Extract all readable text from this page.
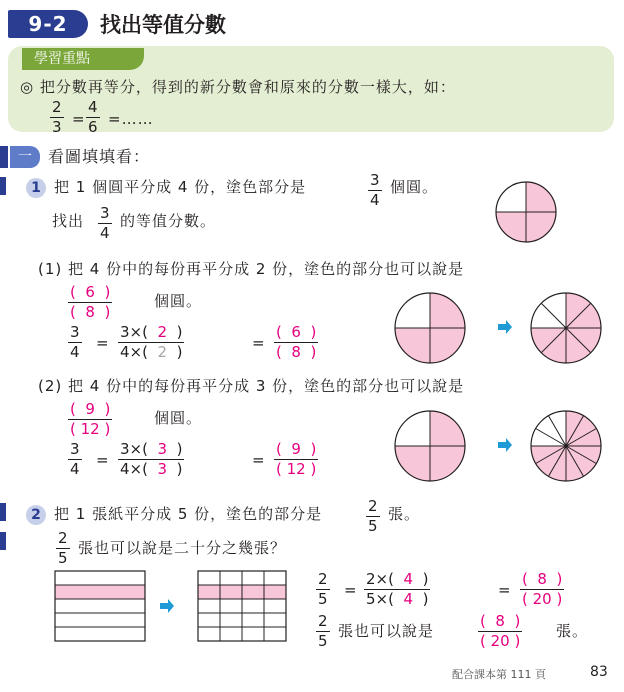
9-2	找出等值分數
學習重點
◎ 把分數再等分，得到的新分數會和原來的分數一樣大，如：
2
3 =
4
6 =……
一	看圖填填看：
1 把 1 個圓平分成 4 份，塗色部分是	3
4
個圓。
找出 3
4
的等值分數。
(1) 把 4 份中的每份再平分成 2 份，塗色的部分也可以說是
(  6  )
(  8  )
個圓。
3
4
=
3×(  2  )
4×(  2  )
=
(  6  )
(  8  )
(2) 把 4 份中的每份再平分成 3 份，塗色的部分也可以說是
(  9  )
( 12 )
個圓。
3
4
=
3×(  3  )
4×(  3  )
=
(  9  )
( 12 )
2 把 1 張紙平分成 5 份，塗色的部分是	2
5
張。
2
5
張也可以說是二十分之幾張？
2
5
=
2×(  4  )
5×(  4  )
=
(  8  )
( 20 )
2
5
張也可以說是
(  8  )
( 20 )
張。
配合課本第 111 頁	83
